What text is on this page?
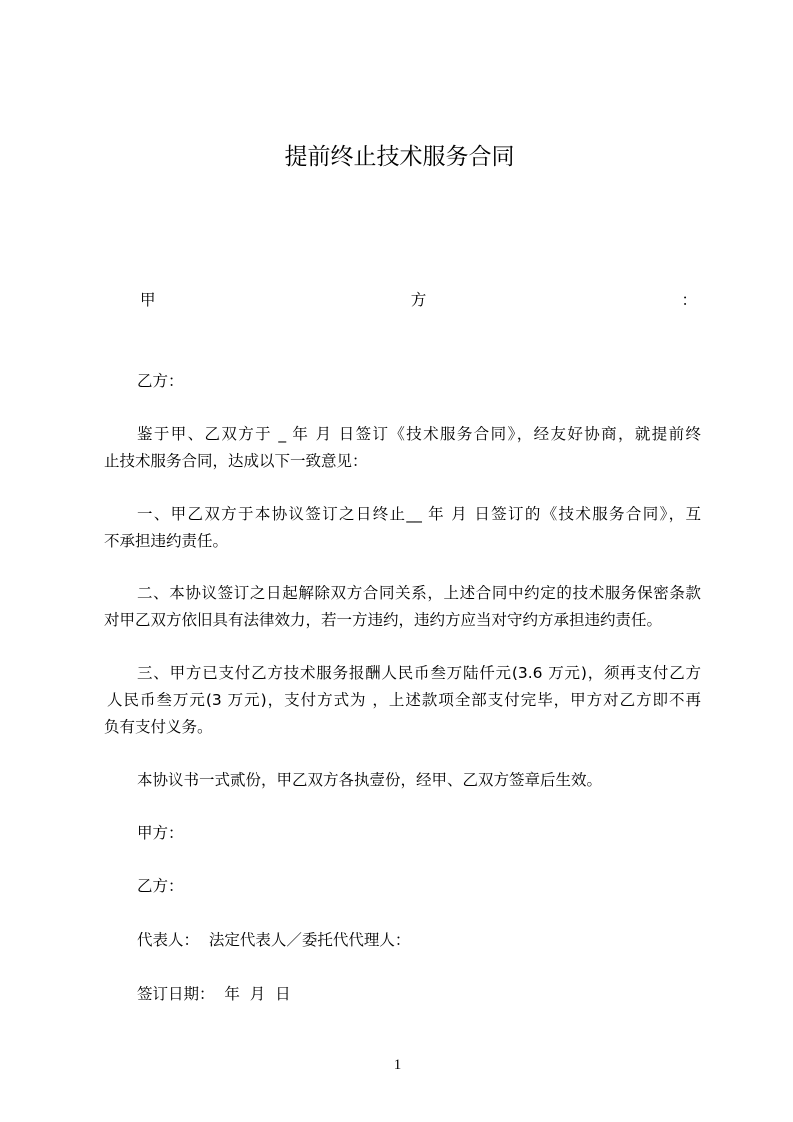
提前终止技术服务合同
甲	方	：
乙方：
鉴于甲、乙双方于 _ 年 月 日签订《技术服务合同》，经友好协商，就提前终
止技术服务合同，达成以下一致意见：
一、甲乙双方于本协议签订之日终止__ 年 月 日签订的《技术服务合同》，互
不承担违约责任。
二、本协议签订之日起解除双方合同关系，上述合同中约定的技术服务保密条款
对甲乙双方依旧具有法律效力，若一方违约，违约方应当对守约方承担违约责任。
三、甲方已支付乙方技术服务报酬人民币叁万陆仟元(3.6 万元)，须再支付乙方
人民币叁万元(3 万元)，支付方式为 ，上述款项全部支付完毕，甲方对乙方即不再
负有支付义务。
本协议书一式贰份，甲乙双方各执壹份，经甲、乙双方签章后生效。
甲方：
乙方：
代表人：  法定代表人／委托代代理人：
签订日期：  年  月  日
1
